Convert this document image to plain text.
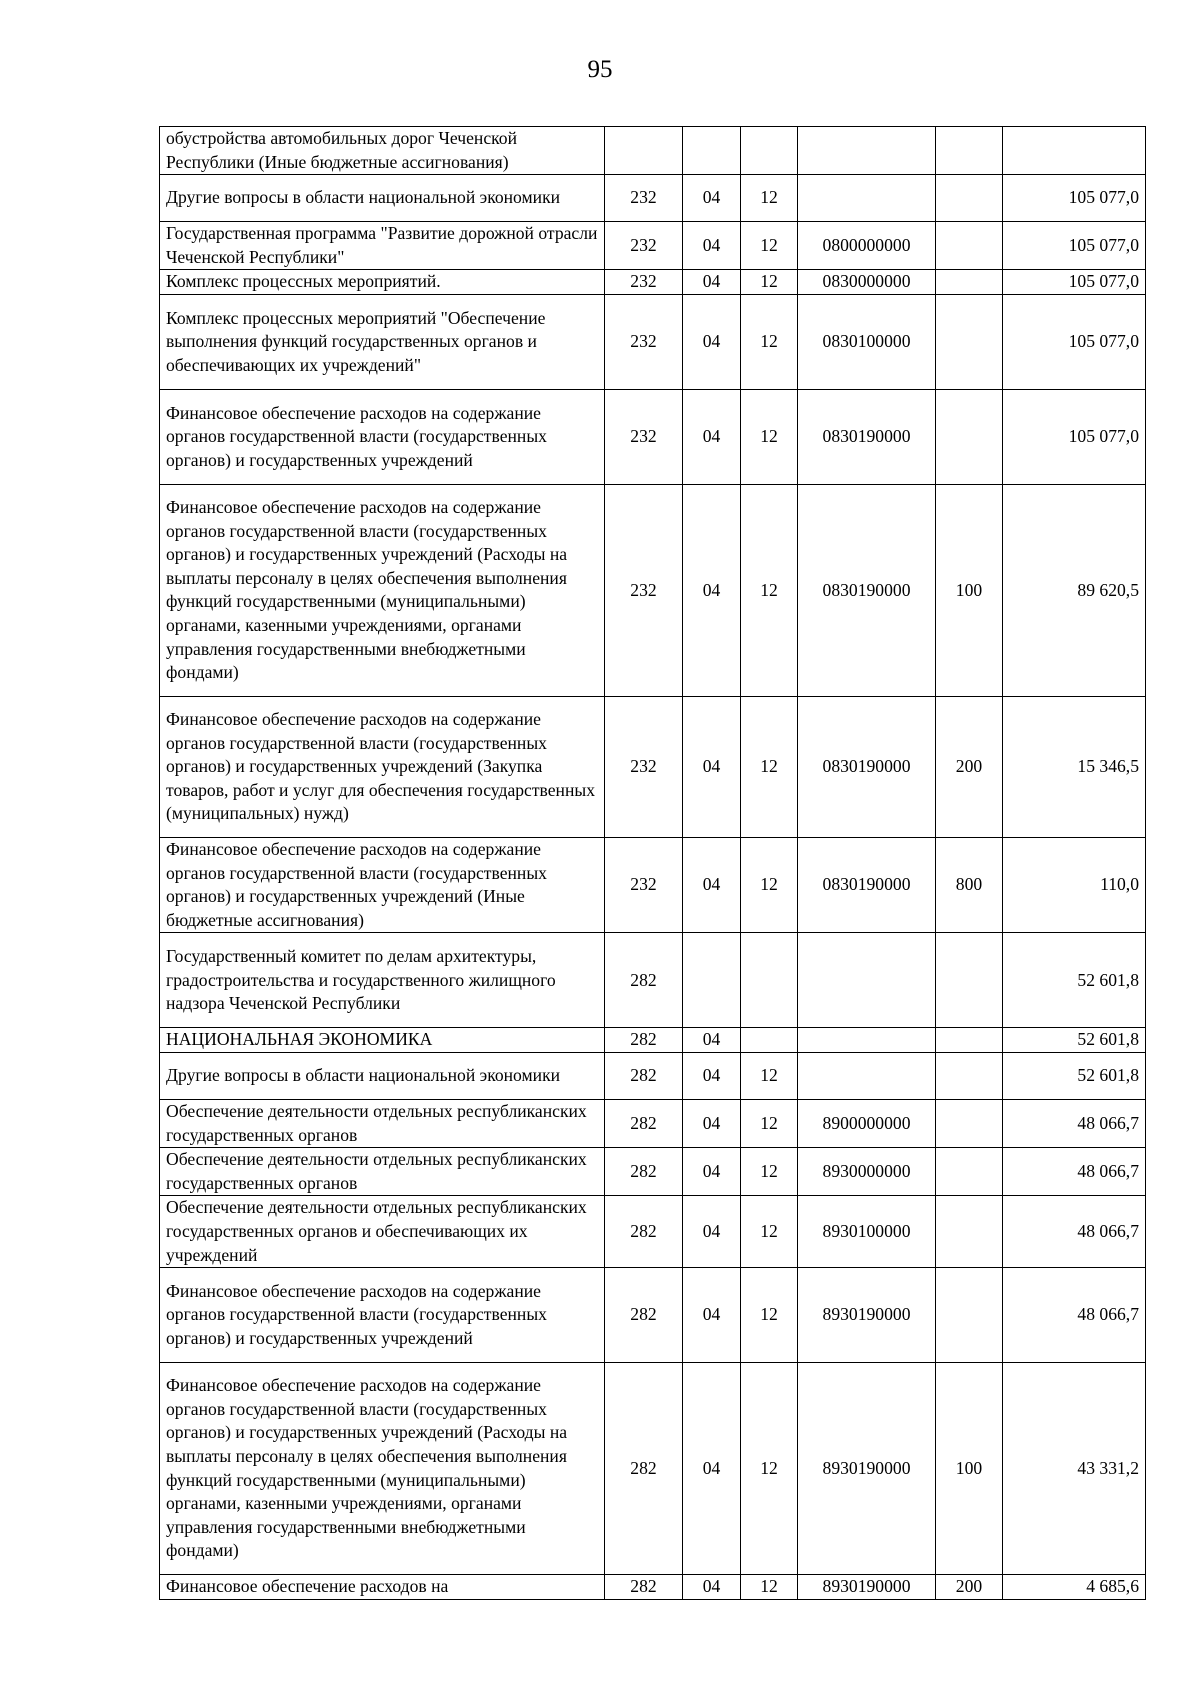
95
обустройства автомобильных дорог Чеченской Республики (Иные бюджетные ассигнования)						
Другие вопросы в области национальной экономики	232	04	12			105 077,0
Государственная программа "Развитие дорожной отрасли Чеченской Республики"	232	04	12	0800000000		105 077,0
Комплекс процессных мероприятий.	232	04	12	0830000000		105 077,0
Комплекс процессных мероприятий "Обеспечение выполнения функций государственных органов и обеспечивающих их учреждений"	232	04	12	0830100000		105 077,0
Финансовое обеспечение расходов на содержание органов государственной власти (государственных органов) и государственных учреждений	232	04	12	0830190000		105 077,0
Финансовое обеспечение расходов на содержание органов государственной власти (государственных органов) и государственных учреждений (Расходы на выплаты персоналу в целях обеспечения выполнения функций государственными (муниципальными) органами, казенными учреждениями, органами управления государственными внебюджетными фондами)	232	04	12	0830190000	100	89 620,5
Финансовое обеспечение расходов на содержание органов государственной власти (государственных органов) и государственных учреждений (Закупка товаров, работ и услуг для обеспечения государственных (муниципальных) нужд)	232	04	12	0830190000	200	15 346,5
Финансовое обеспечение расходов на содержание органов государственной власти (государственных органов) и государственных учреждений (Иные бюджетные ассигнования)	232	04	12	0830190000	800	110,0
Государственный комитет по делам архитектуры, градостроительства и государственного жилищного надзора Чеченской Республики	282					52 601,8
НАЦИОНАЛЬНАЯ ЭКОНОМИКА	282	04				52 601,8
Другие вопросы в области национальной экономики	282	04	12			52 601,8
Обеспечение деятельности отдельных республиканских государственных органов	282	04	12	8900000000		48 066,7
Обеспечение деятельности отдельных республиканских государственных органов	282	04	12	8930000000		48 066,7
Обеспечение деятельности отдельных республиканских государственных органов и обеспечивающих их учреждений	282	04	12	8930100000		48 066,7
Финансовое обеспечение расходов на содержание органов государственной власти (государственных органов) и государственных учреждений	282	04	12	8930190000		48 066,7
Финансовое обеспечение расходов на содержание органов государственной власти (государственных органов) и государственных учреждений (Расходы на выплаты персоналу в целях обеспечения выполнения функций государственными (муниципальными) органами, казенными учреждениями, органами управления государственными внебюджетными фондами)	282	04	12	8930190000	100	43 331,2
Финансовое обеспечение расходов на	282	04	12	8930190000	200	4 685,6
